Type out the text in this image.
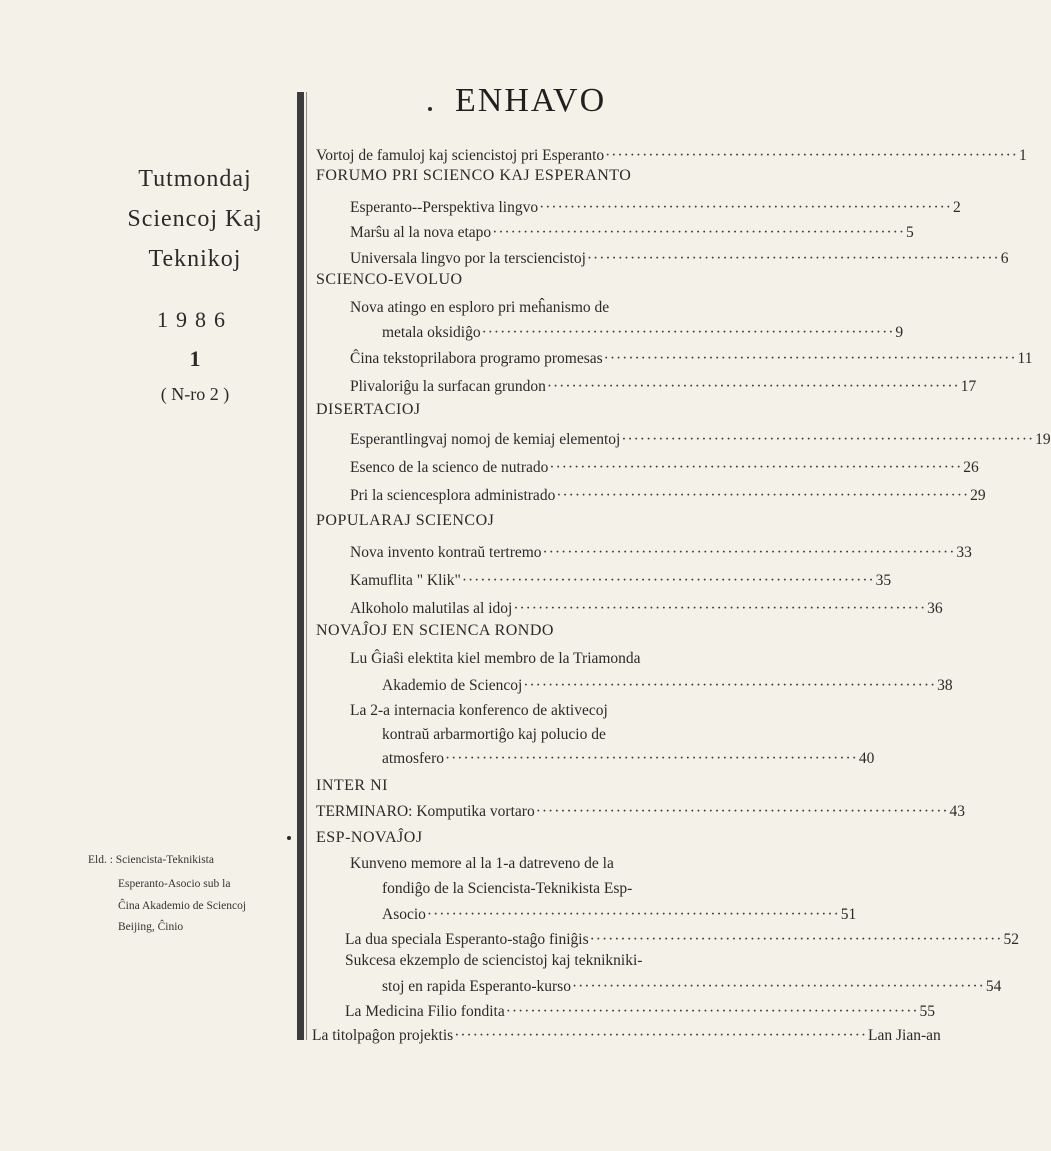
Tutmondaj
Sciencoj Kaj
Teknikoj
1986
1
( N-ro 2 )
Eld. : Sciencista-Teknikista
Esperanto-Asocio sub la
Ĉina Akademio de Sciencoj
Beijing, Ĉinio
ENHAVO
Vortoj de famuloj kaj sciencistoj pri Esperanto ··································································· 1
FORUMO PRI SCIENCO KAJ ESPERANTO
Esperanto--Perspektiva lingvo ··································································· 2
Marŝu al la nova etapo ··································································· 5
Universala lingvo por la tersciencistoj ··································································· 6
SCIENCO-EVOLUO
Nova atingo en esploro pri meĥanismo de
metala oksidiĝo ··································································· 9
Ĉina tekstoprilabora programo promesas ··································································· 11
Plivaloriĝu la surfacan grundon ··································································· 17
DISERTACIOJ
Esperantlingvaj nomoj de kemiaj elementoj ··································································· 19
Esenco de la scienco de nutrado ··································································· 26
Pri la sciencesplora administrado ··································································· 29
POPULARAJ SCIENCOJ
Nova invento kontraŭ tertremo ··································································· 33
Kamuflita " Klik" ··································································· 35
Alkoholo malutilas al idoj ··································································· 36
NOVAĴOJ EN SCIENCA RONDO
Lu Ĝiaŝi elektita kiel membro de la Triamonda
Akademio de Sciencoj ··································································· 38
La 2-a internacia konferenco de aktivecoj
kontraŭ arbarmortiĝo kaj polucio de
atmosfero ··································································· 40
INTER NI
TERMINARO: Komputika vortaro ··································································· 43
ESP-NOVAĴOJ
Kunveno memore al la 1-a datreveno de la
fondiĝo de la Sciencista-Teknikista Esp-
Asocio ··································································· 51
La dua speciala Esperanto-staĝo finiĝis ··································································· 52
Sukcesa ekzemplo de sciencistoj kaj teknikniki-
stoj en rapida Esperanto-kurso ··································································· 54
La Medicina Filio fondita ··································································· 55
La titolpaĝon projektis ··································································· Lan Jian-an
